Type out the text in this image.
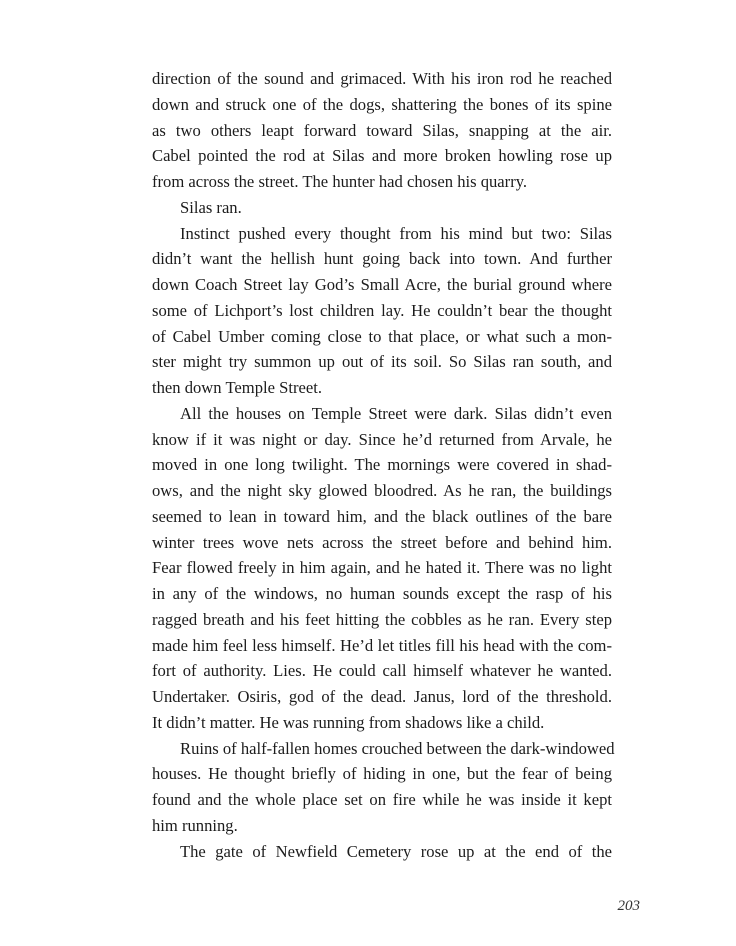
direction of the sound and grimaced. With his iron rod he reached
down and struck one of the dogs, shattering the bones of its spine
as two others leapt forward toward Silas, snapping at the air.
Cabel pointed the rod at Silas and more broken howling rose up
from across the street. The hunter had chosen his quarry.
Silas ran.
Instinct pushed every thought from his mind but two: Silas
didn’t want the hellish hunt going back into town. And further
down Coach Street lay God’s Small Acre, the burial ground where
some of Lichport’s lost children lay. He couldn’t bear the thought
of Cabel Umber coming close to that place, or what such a mon-
ster might try summon up out of its soil. So Silas ran south, and
then down Temple Street.
All the houses on Temple Street were dark. Silas didn’t even
know if it was night or day. Since he’d returned from Arvale, he
moved in one long twilight. The mornings were covered in shad-
ows, and the night sky glowed bloodred. As he ran, the buildings
seemed to lean in toward him, and the black outlines of the bare
winter trees wove nets across the street before and behind him.
Fear flowed freely in him again, and he hated it. There was no light
in any of the windows, no human sounds except the rasp of his
ragged breath and his feet hitting the cobbles as he ran. Every step
made him feel less himself. He’d let titles fill his head with the com-
fort of authority. Lies. He could call himself whatever he wanted.
Undertaker. Osiris, god of the dead. Janus, lord of the threshold.
It didn’t matter. He was running from shadows like a child.
Ruins of half-fallen homes crouched between the dark-windowed
houses. He thought briefly of hiding in one, but the fear of being
found and the whole place set on fire while he was inside it kept
him running.
The gate of Newfield Cemetery rose up at the end of the
203
